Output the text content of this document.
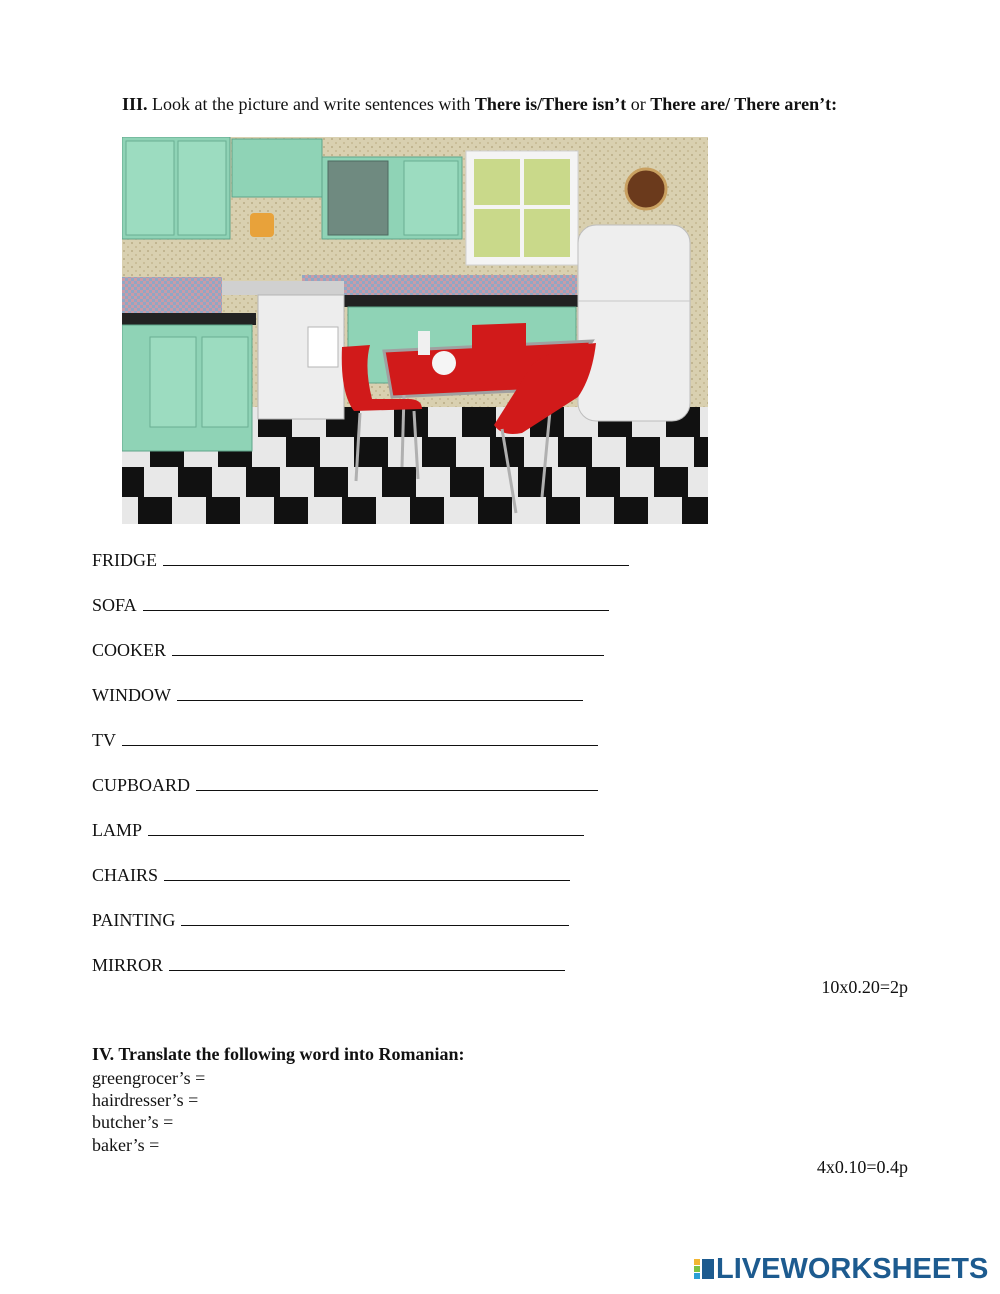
III. Look at the picture and write sentences with There is/There isn’t or There are/ There aren’t:
FRIDGE
SOFA
COOKER
WINDOW
TV
CUPBOARD
LAMP
CHAIRS
PAINTING
MIRROR
10x0.20=2p
IV. Translate the following word into Romanian:
greengrocer’s =
hairdresser’s =
butcher’s =
baker’s =
4x0.10=0.4p
LIVEWORKSHEETS
